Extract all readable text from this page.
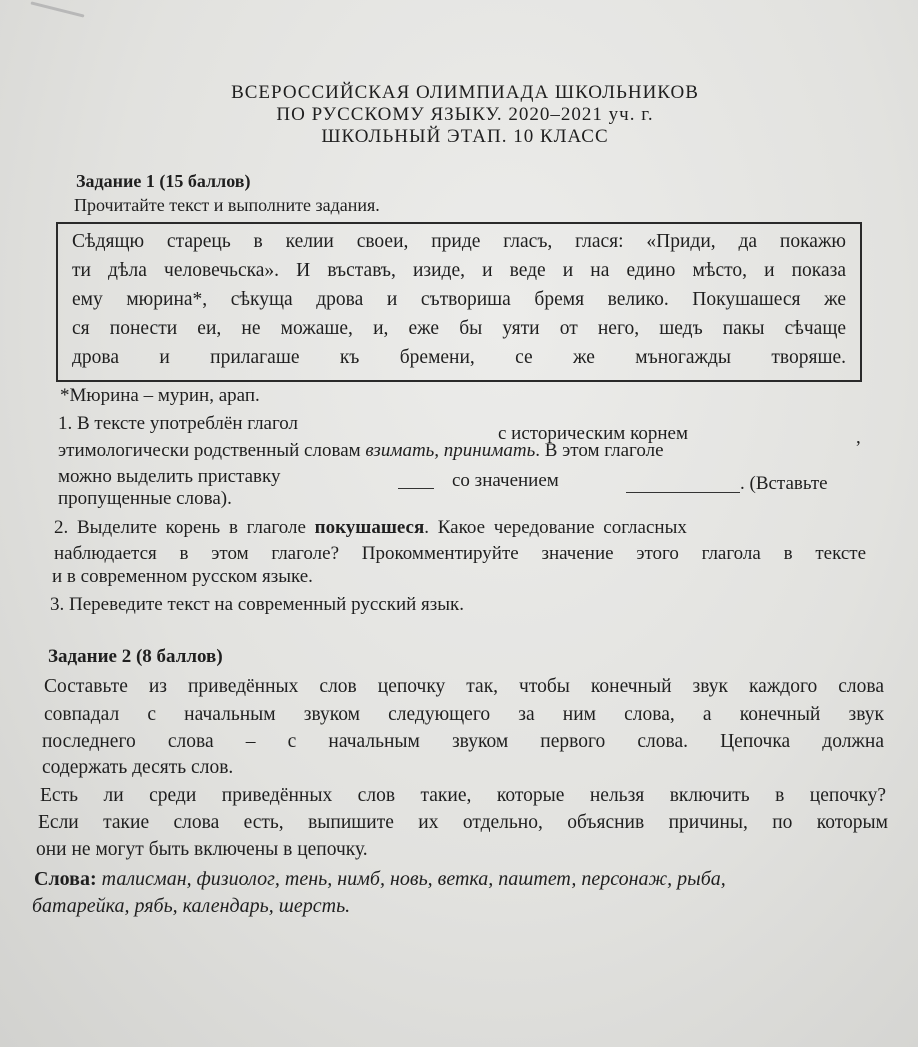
ВСЕРОССИЙСКАЯ ОЛИМПИАДА ШКОЛЬНИКОВ
ПО РУССКОМУ ЯЗЫКУ. 2020–2021 уч. г.
ШКОЛЬНЫЙ ЭТАП. 10 КЛАСС
Задание 1 (15 баллов)
Прочитайте текст и выполните задания.
Сѣдящю старець в келии своеи, приде гласъ, глася: «Приди, да покажю
ти дѣла человечьска». И въставъ, изиде, и веде и на едино мѣсто, и показа
ему мюрина*, сѣкуща дрова и сътвориша бремя велико. Покушашеся же
ся понести еи, не можаше, и, еже бы уяти от него, шедъ пакы сѣчаще
дрова и прилагаше къ бремени, се же мъногажды творяше.
*Мюрина – мурин, арап.
1. В тексте употреблён глагол	с историческим корнем	,
этимологически родственный словам взимать, принимать. В этом глаголе
можно выделить приставку	со значением	. (Вставьте
пропущенные слова).
2. Выделите корень в глаголе покушашеся. Какое чередование согласных
наблюдается в этом глаголе? Прокомментируйте значение этого глагола в тексте
и в современном русском языке.
3. Переведите текст на современный русский язык.
Задание 2 (8 баллов)
Составьте из приведённых слов цепочку так, чтобы конечный звук каждого слова
совпадал с начальным звуком следующего за ним слова, а конечный звук
последнего слова – с начальным звуком первого слова. Цепочка должна
содержать десять слов.
Есть ли среди приведённых слов такие, которые нельзя включить в цепочку?
Если такие слова есть, выпишите их отдельно, объяснив причины, по которым
они не могут быть включены в цепочку.
Слова: талисман, физиолог, тень, нимб, новь, ветка, паштет, персонаж, рыба,
батарейка, рябь, календарь, шерсть.
